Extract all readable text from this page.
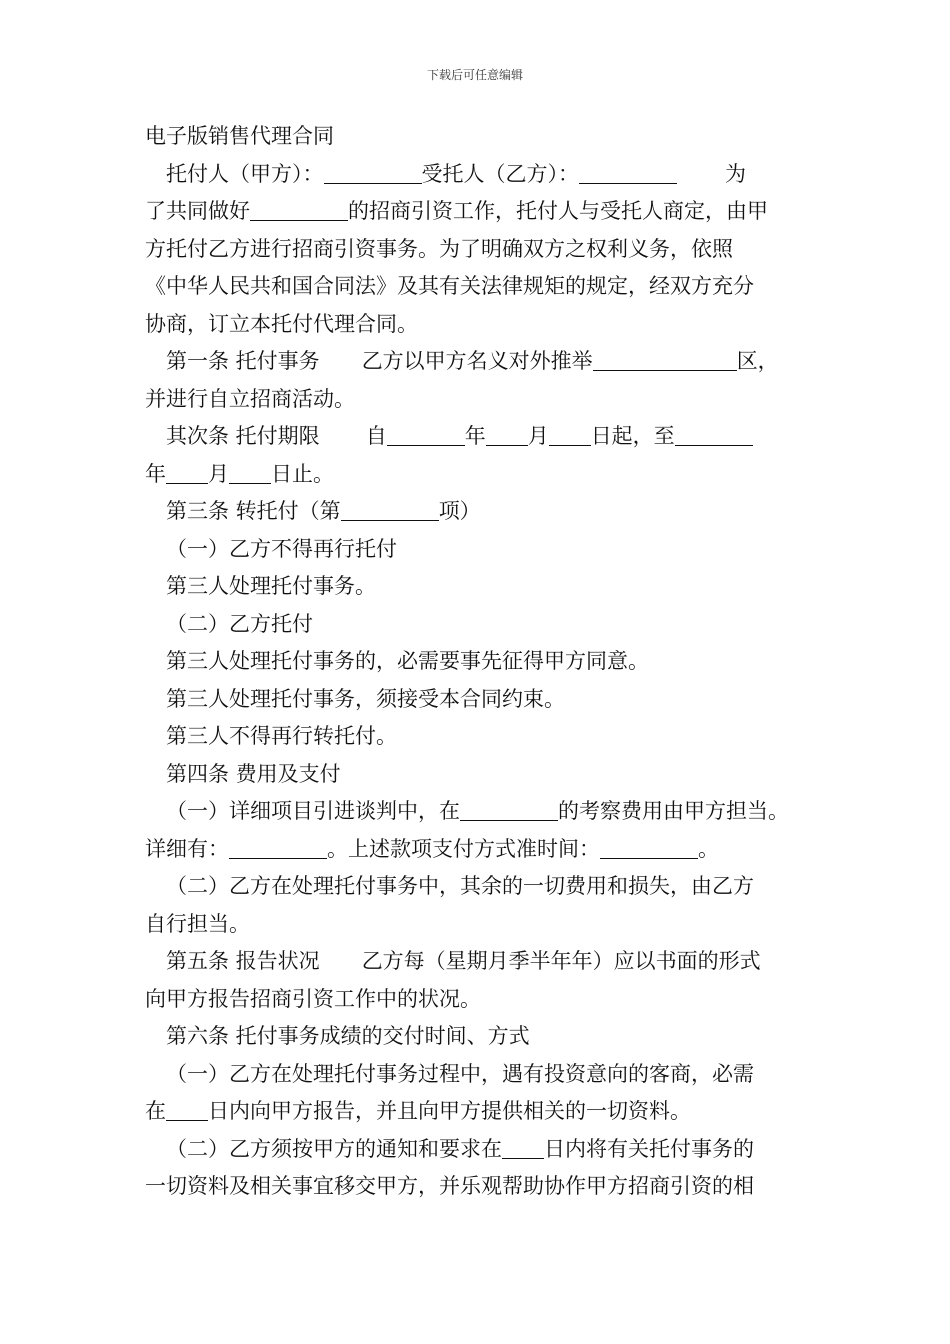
下载后可任意编辑
电子版销售代理合同
托付人（甲方）：	受托人（乙方）：	为
了共同做好	的招商引资工作，托付人与受托人商定，由甲
方托付乙方进行招商引资事务。为了明确双方之权利义务，依照
《中华人民共和国合同法》及其有关法律规矩的规定，经双方充分
协商，订立本托付代理合同。
第一条 托付事务 乙方以甲方名义对外推举	区，
并进行自立招商活动。
其次条 托付期限 自	年 月 日起，至
年 月 日止。
第三条 转托付（第	项）
（一）乙方不得再行托付
第三人处理托付事务。
（二）乙方托付
第三人处理托付事务的，必需要事先征得甲方同意。
第三人处理托付事务，须接受本合同约束。
第三人不得再行转托付。
第四条 费用及支付
（一）详细项目引进谈判中，在	的考察费用由甲方担当。
详细有：	。上述款项支付方式准时间：	。
（二）乙方在处理托付事务中，其余的一切费用和损失，由乙方
自行担当。
第五条 报告状况 乙方每（星期月季半年年）应以书面的形式
向甲方报告招商引资工作中的状况。
第六条 托付事务成绩的交付时间、方式
（一）乙方在处理托付事务过程中，遇有投资意向的客商，必需
在 日内向甲方报告，并且向甲方提供相关的一切资料。
（二）乙方须按甲方的通知和要求在 日内将有关托付事务的
一切资料及相关事宜移交甲方，并乐观帮助协作甲方招商引资的相
